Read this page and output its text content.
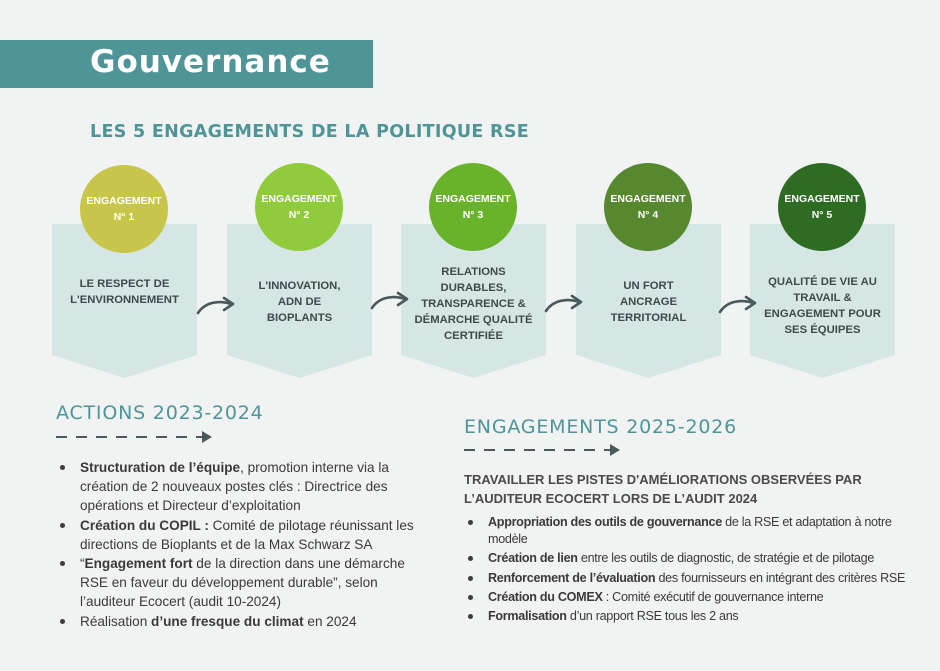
Gouvernance
LES 5 ENGAGEMENTS DE LA POLITIQUE RSE
LE RESPECT DE L'ENVIRONNEMENT
L'INNOVATION, ADN DE BIOPLANTS
RELATIONS DURABLES, TRANSPARENCE & DÉMARCHE QUALITÉ CERTIFIÉE
UN FORT ANCRAGE TERRITORIAL
QUALITÉ DE VIE AU TRAVAIL & ENGAGEMENT POUR SES ÉQUIPES
ENGAGEMENT
N° 1
ENGAGEMENT
N° 2
ENGAGEMENT
N° 3
ENGAGEMENT
N° 4
ENGAGEMENT
N° 5
ACTIONS 2023-2024
Structuration de l’équipe, promotion interne via la création de 2 nouveaux postes clés : Directrice des opérations et Directeur d’exploitation
Création du COPIL : Comité de pilotage réunissant les directions de Bioplants et de la Max Schwarz SA
“Engagement fort de la direction dans une démarche RSE en faveur du développement durable”, selon l’auditeur Ecocert (audit 10-2024)
Réalisation d’une fresque du climat en 2024
ENGAGEMENTS 2025-2026
TRAVAILLER LES PISTES D'AMÉLIORATIONS OBSERVÉES PAR L’AUDITEUR ECOCERT LORS DE L’AUDIT 2024
Appropriation des outils de gouvernance de la RSE et adaptation à notre modèle
Création de lien entre les outils de diagnostic, de stratégie et de pilotage
Renforcement de l’évaluation des fournisseurs en intégrant des critères RSE
Création du COMEX : Comité exécutif de gouvernance interne
Formalisation d’un rapport RSE tous les 2 ans
